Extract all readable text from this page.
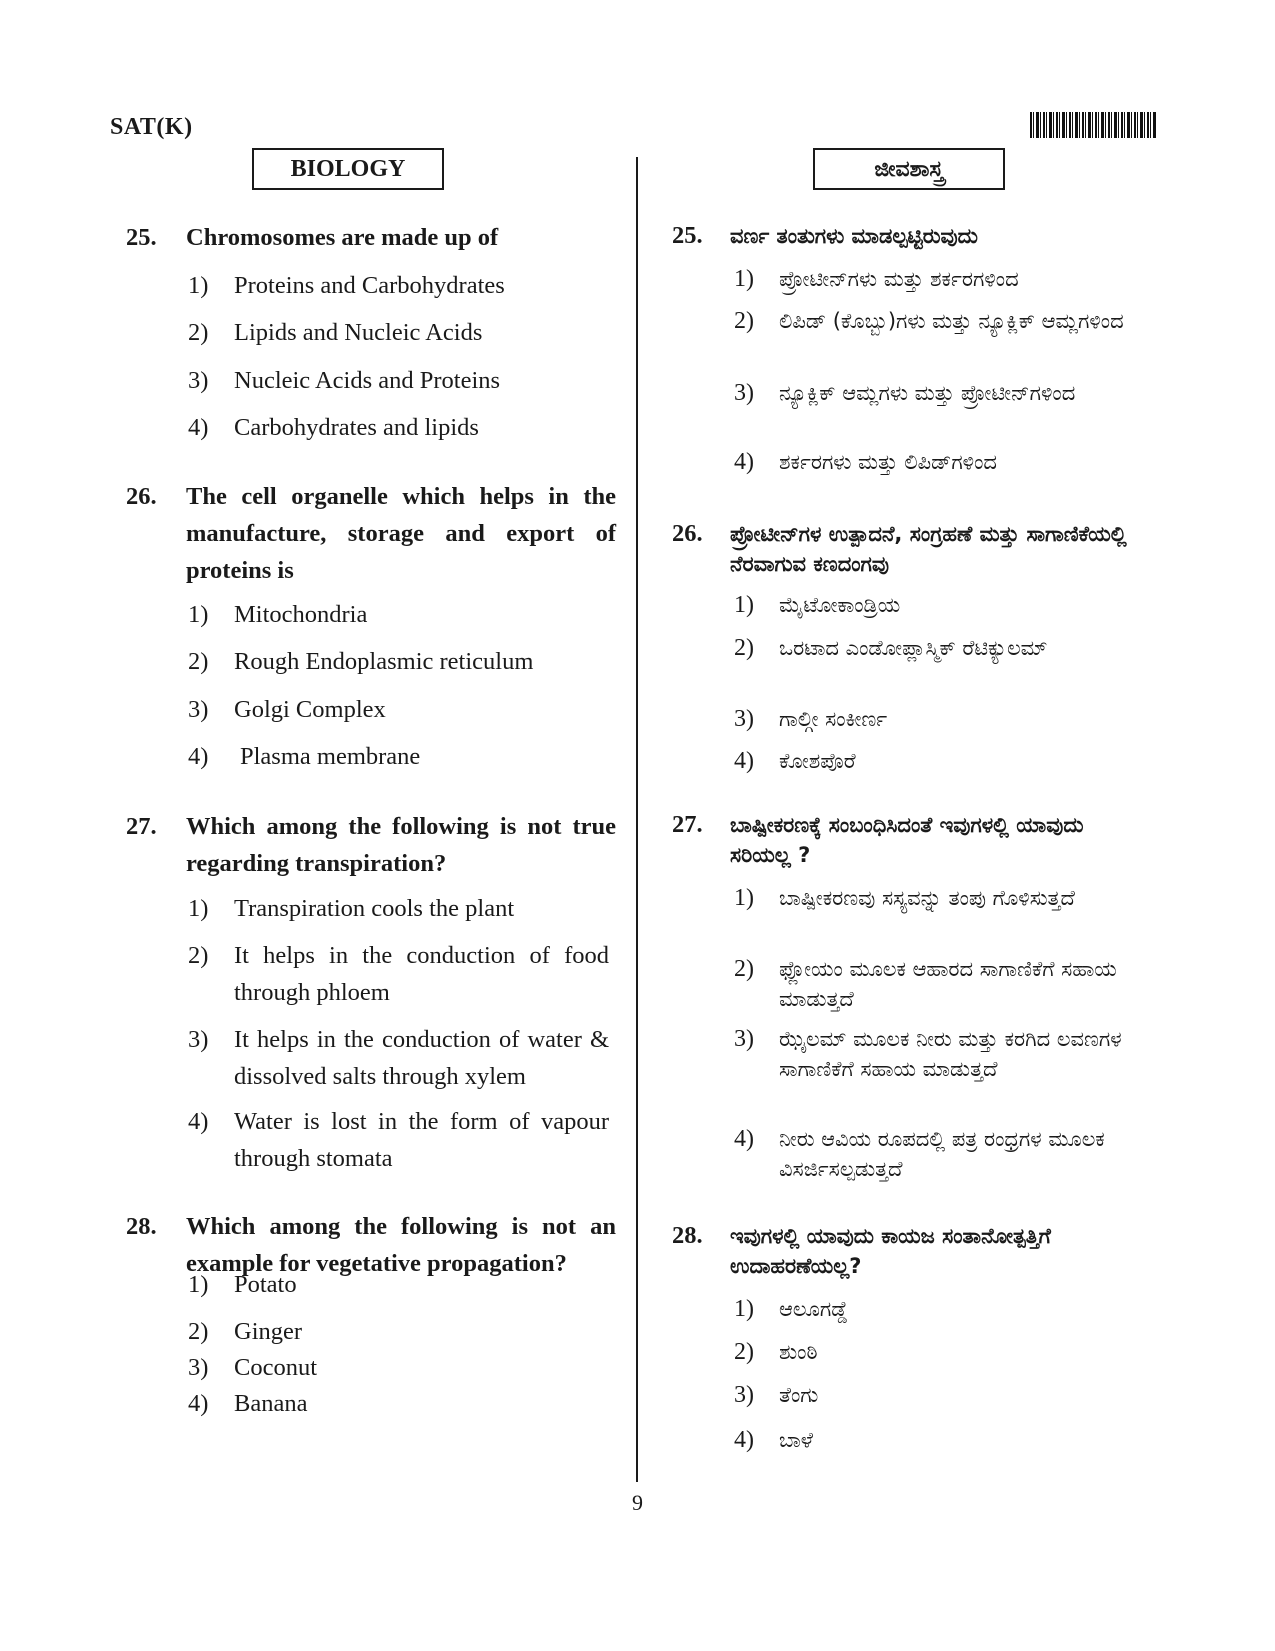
SAT(K)
BIOLOGY	ಜೀವಶಾಸ್ತ್ರ
25. Chromosomes are made up of
1) Proteins and Carbohydrates
2) Lipids and Nucleic Acids
3) Nucleic Acids and Proteins
4) Carbohydrates and lipids
26. The cell organelle which helps in the manufacture, storage and export of proteins is
1) Mitochondria
2) Rough Endoplasmic reticulum
3) Golgi Complex
4) Plasma membrane
27. Which among the following is not true regarding transpiration?
1) Transpiration cools the plant
2) It helps in the conduction of food through phloem
3) It helps in the conduction of water & dissolved salts through xylem
4) Water is lost in the form of vapour through stomata
28. Which among the following is not an example for vegetative propagation?
1) Potato
2) Ginger
3) Coconut
4) Banana
25. ವರ್ಣ ತಂತುಗಳು ಮಾಡಲ್ಪಟ್ಟಿರುವುದು
1) ಪ್ರೋಟೀನ್‌ಗಳು ಮತ್ತು ಶರ್ಕರಗಳಿಂದ
2) ಲಿಪಿಡ್ (ಕೊಬ್ಬು)ಗಳು ಮತ್ತು ನ್ಯೂಕ್ಲಿಕ್ ಆಮ್ಲಗಳಿಂದ
3) ನ್ಯೂಕ್ಲಿಕ್ ಆಮ್ಲಗಳು ಮತ್ತು ಪ್ರೋಟೀನ್‌ಗಳಿಂದ
4) ಶರ್ಕರಗಳು ಮತ್ತು ಲಿಪಿಡ್‌ಗಳಿಂದ
26. ಪ್ರೋಟೀನ್‌ಗಳ ಉತ್ಪಾದನೆ, ಸಂಗ್ರಹಣೆ ಮತ್ತು ಸಾಗಾಣಿಕೆಯಲ್ಲಿ ನೆರವಾಗುವ ಕಣದಂಗವು
1) ಮೈಟೋಕಾಂಡ್ರಿಯ
2) ಒರಟಾದ ಎಂಡೋಪ್ಲಾಸ್ಮಿಕ್ ರೆಟಿಕ್ಯುಲಮ್
3) ಗಾಲ್ಗೀ ಸಂಕೀರ್ಣ
4) ಕೋಶಪೊರೆ
27. ಬಾಷ್ಪೀಕರಣಕ್ಕೆ ಸಂಬಂಧಿಸಿದಂತೆ ಇವುಗಳಲ್ಲಿ ಯಾವುದು ಸರಿಯಲ್ಲ ?
1) ಬಾಷ್ಪೀಕರಣವು ಸಸ್ಯವನ್ನು ತಂಪು ಗೊಳಿಸುತ್ತದೆ
2) ಫ್ಲೋಯಂ ಮೂಲಕ ಆಹಾರದ ಸಾಗಾಣಿಕೆಗೆ ಸಹಾಯ ಮಾಡುತ್ತದೆ
3) ಝೈಲಮ್ ಮೂಲಕ ನೀರು ಮತ್ತು ಕರಗಿದ ಲವಣಗಳ ಸಾಗಾಣಿಕೆಗೆ ಸಹಾಯ ಮಾಡುತ್ತದೆ
4) ನೀರು ಆವಿಯ ರೂಪದಲ್ಲಿ ಪತ್ರ ರಂಧ್ರಗಳ ಮೂಲಕ ವಿಸರ್ಜಿಸಲ್ಪಡುತ್ತದೆ
28. ಇವುಗಳಲ್ಲಿ ಯಾವುದು ಕಾಯಜ ಸಂತಾನೋತ್ಪತ್ತಿಗೆ ಉದಾಹರಣೆಯಲ್ಲ?
1) ಆಲೂಗಡ್ಡೆ
2) ಶುಂಠಿ
3) ತೆಂಗು
4) ಬಾಳೆ
9
